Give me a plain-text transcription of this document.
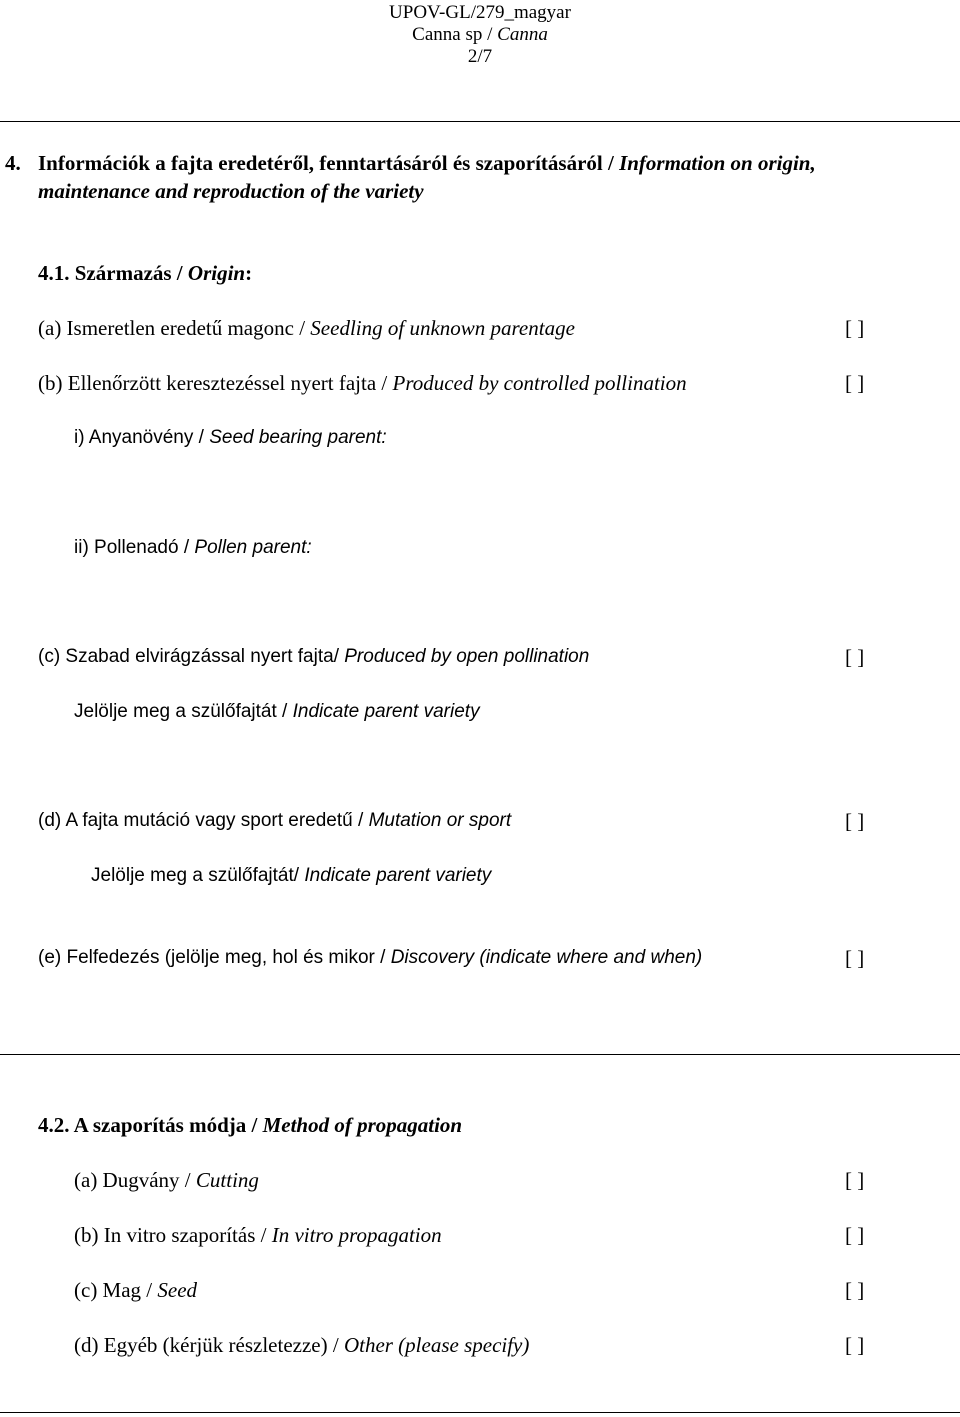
UPOV-GL/279_magyar
Canna sp / Canna
2/7
4. Információk a fajta eredetéről, fenntartásáról és szaporításáról / Information on origin,
maintenance and reproduction of the variety
4.1. Származás / Origin:
(a) Ismeretlen eredetű magonc / Seedling of unknown parentage	[ ]
(b) Ellenőrzött keresztezéssel nyert fajta / Produced by controlled pollination	[ ]
i) Anyanövény / Seed bearing parent:
ii) Pollenadó / Pollen parent:
(c) Szabad elvirágzással nyert fajta/ Produced by open pollination	[ ]
Jelölje meg a szülőfajtát / Indicate parent variety
(d) A fajta mutáció vagy sport eredetű / Mutation or sport	[ ]
Jelölje meg a szülőfajtát/ Indicate parent variety
(e) Felfedezés (jelölje meg, hol és mikor / Discovery (indicate where and when)	[ ]
4.2. A szaporítás módja / Method of propagation
(a) Dugvány / Cutting	[ ]
(b) In vitro szaporítás / In vitro propagation	[ ]
(c) Mag / Seed	[ ]
(d) Egyéb (kérjük részletezze) / Other (please specify)	[ ]
